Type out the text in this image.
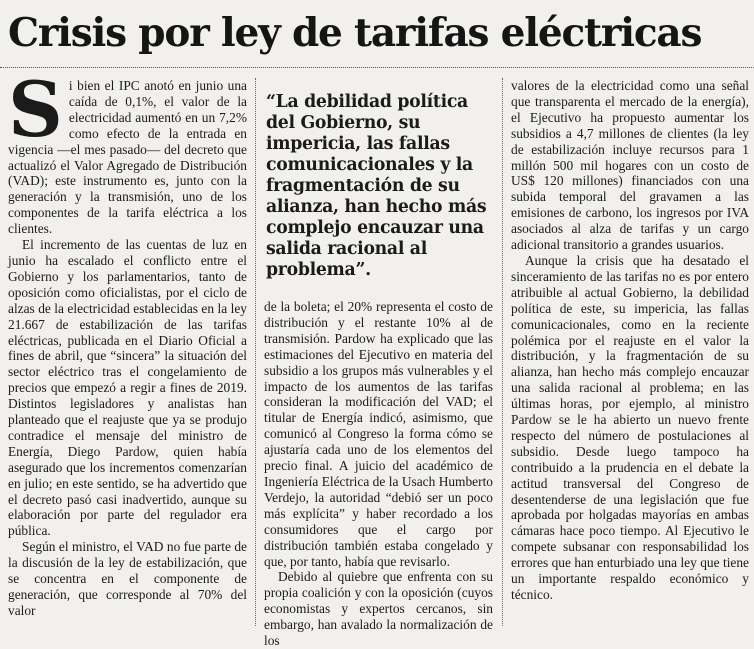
Crisis por ley de tarifas eléctricas

Si bien el IPC anotó en junio una caída de 0,1%, el valor de la electricidad aumentó en un 7,2% como efecto de la entrada en vigencia —el mes pasado— del decreto que actualizó el Valor Agregado de Distribución (VAD); este instrumento es, junto con la generación y la transmisión, uno de los componentes de la tarifa eléctrica a los clientes.

El incremento de las cuentas de luz en junio ha escalado el conflicto entre el Gobierno y los parlamentarios, tanto de oposición como oficialistas, por el ciclo de alzas de la electricidad establecidas en la ley 21.667 de estabilización de las tarifas eléctricas, publicada en el Diario Oficial a fines de abril, que “sincera” la situación del sector eléctrico tras el congelamiento de precios que empezó a regir a fines de 2019. Distintos legisladores y analistas han planteado que el reajuste que ya se produjo contradice el mensaje del ministro de Energía, Diego Pardow, quien había asegurado que los incrementos comenzarían en julio; en este sentido, se ha advertido que el decreto pasó casi inadvertido, aunque su elaboración por parte del regulador era pública.

Según el ministro, el VAD no fue parte de la discusión de la ley de estabilización, que se concentra en el componente de generación, que corresponde al 70% del valor

“La debilidad política del Gobierno, su impericia, las fallas comunicacionales y la fragmentación de su alianza, han hecho más complejo encauzar una salida racional al problema”.

de la boleta; el 20% representa el costo de distribución y el restante 10% al de transmisión. Pardow ha explicado que las estimaciones del Ejecutivo en materia del subsidio a los grupos más vulnerables y el impacto de los aumentos de las tarifas consideran la modificación del VAD; el titular de Energía indicó, asimismo, que comunicó al Congreso la forma cómo se ajustaría cada uno de los elementos del precio final. A juicio del académico de Ingeniería Eléctrica de la Usach Humberto Verdejo, la autoridad “debió ser un poco más explícita” y haber recordado a los consumidores que el cargo por distribución también estaba congelado y que, por tanto, había que revisarlo.

Debido al quiebre que enfrenta con su propia coalición y con la oposición (cuyos economistas y expertos cercanos, sin embargo, han avalado la normalización de los

valores de la electricidad como una señal que transparenta el mercado de la energía), el Ejecutivo ha propuesto aumentar los subsidios a 4,7 millones de clientes (la ley de estabilización incluye recursos para 1 millón 500 mil hogares con un costo de US$ 120 millones) financiados con una subida temporal del gravamen a las emisiones de carbono, los ingresos por IVA asociados al alza de tarifas y un cargo adicional transitorio a grandes usuarios.

Aunque la crisis que ha desatado el sinceramiento de las tarifas no es por entero atribuible al actual Gobierno, la debilidad política de este, su impericia, las fallas comunicacionales, como en la reciente polémica por el reajuste en el valor la distribución, y la fragmentación de su alianza, han hecho más complejo encauzar una salida racional al problema; en las últimas horas, por ejemplo, al ministro Pardow se le ha abierto un nuevo frente respecto del número de postulaciones al subsidio. Desde luego tampoco ha contribuido a la prudencia en el debate la actitud transversal del Congreso de desentenderse de una legislación que fue aprobada por holgadas mayorías en ambas cámaras hace poco tiempo. Al Ejecutivo le compete subsanar con responsabilidad los errores que han enturbiado una ley que tiene un importante respaldo económico y técnico.
